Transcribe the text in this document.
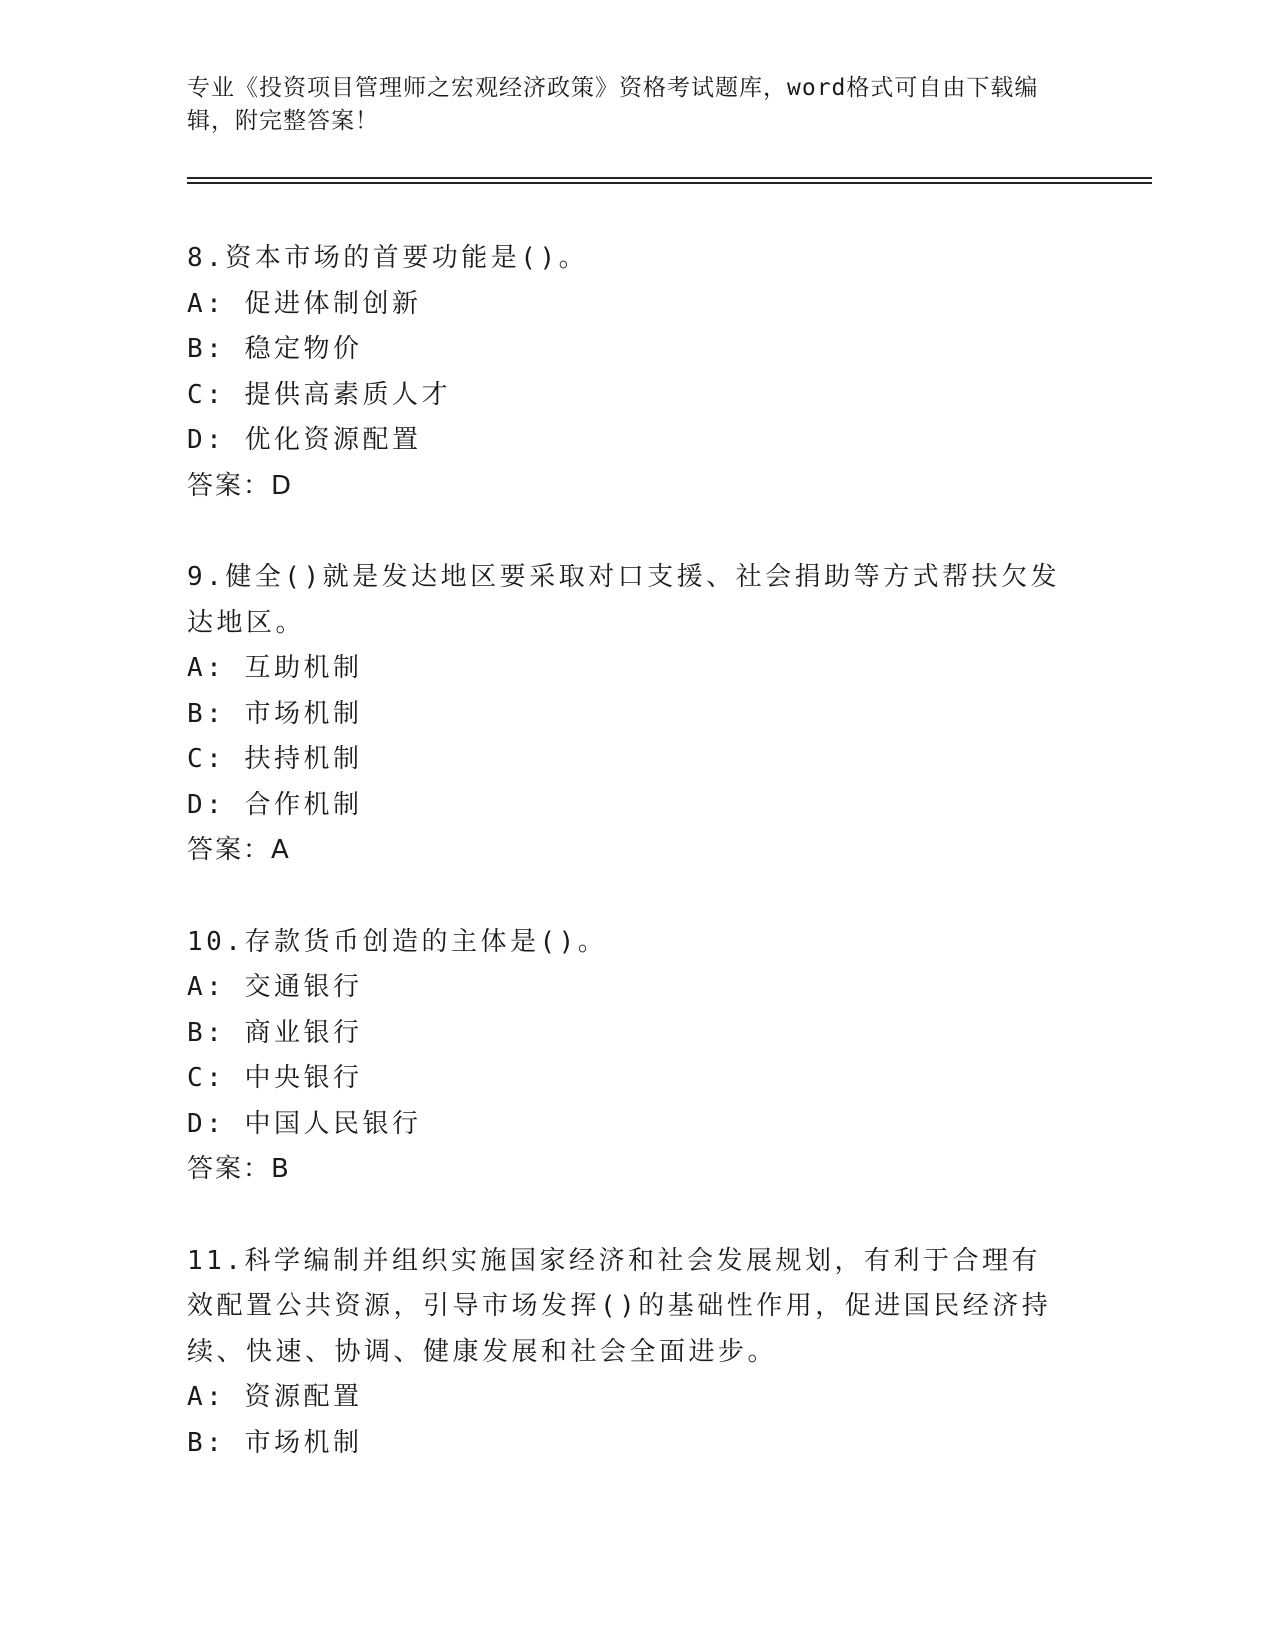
专业《投资项目管理师之宏观经济政策》资格考试题库，word格式可自由下载编辑，附完整答案！
8.资本市场的首要功能是()。
A: 促进体制创新
B: 稳定物价
C: 提供高素质人才
D: 优化资源配置
答案：D
9.健全()就是发达地区要采取对口支援、社会捐助等方式帮扶欠发达地区。
A: 互助机制
B: 市场机制
C: 扶持机制
D: 合作机制
答案：A
10.存款货币创造的主体是()。
A: 交通银行
B: 商业银行
C: 中央银行
D: 中国人民银行
答案：B
11.科学编制并组织实施国家经济和社会发展规划，有利于合理有效配置公共资源，引导市场发挥()的基础性作用，促进国民经济持续、快速、协调、健康发展和社会全面进步。
A: 资源配置
B: 市场机制
